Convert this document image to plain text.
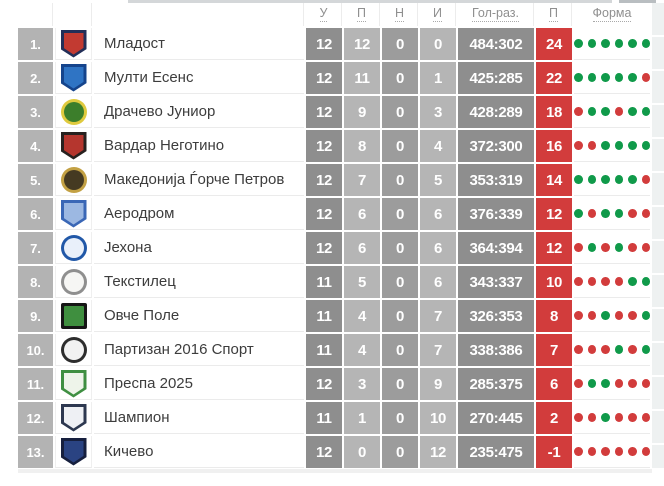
У П Н И Гол-раз. П	Форма
1.	Младост	12	12	0	0	484:302	24
2.	Мулти Есенс	12	11	0	1	425:285	22
3.	Драчево Јуниор	12	9	0	3	428:289	18
4.	Вардар Неготино	12	8	0	4	372:300	16
5.	Македонија Ѓорче Петров	12	7	0	5	353:319	14
6.	Аеродром	12	6	0	6	376:339	12
7.	Јехона	12	6	0	6	364:394	12
8.	Текстилец	11	5	0	6	343:337	10
9.	Овче Поле	11	4	0	7	326:353	8
10.	Партизан 2016 Спорт	11	4	0	7	338:386	7
11.	Преспа 2025	12	3	0	9	285:375	6
12.	Шампион	11	1	0	10	270:445	2
13.	Кичево	12	0	0	12	235:475	-1
